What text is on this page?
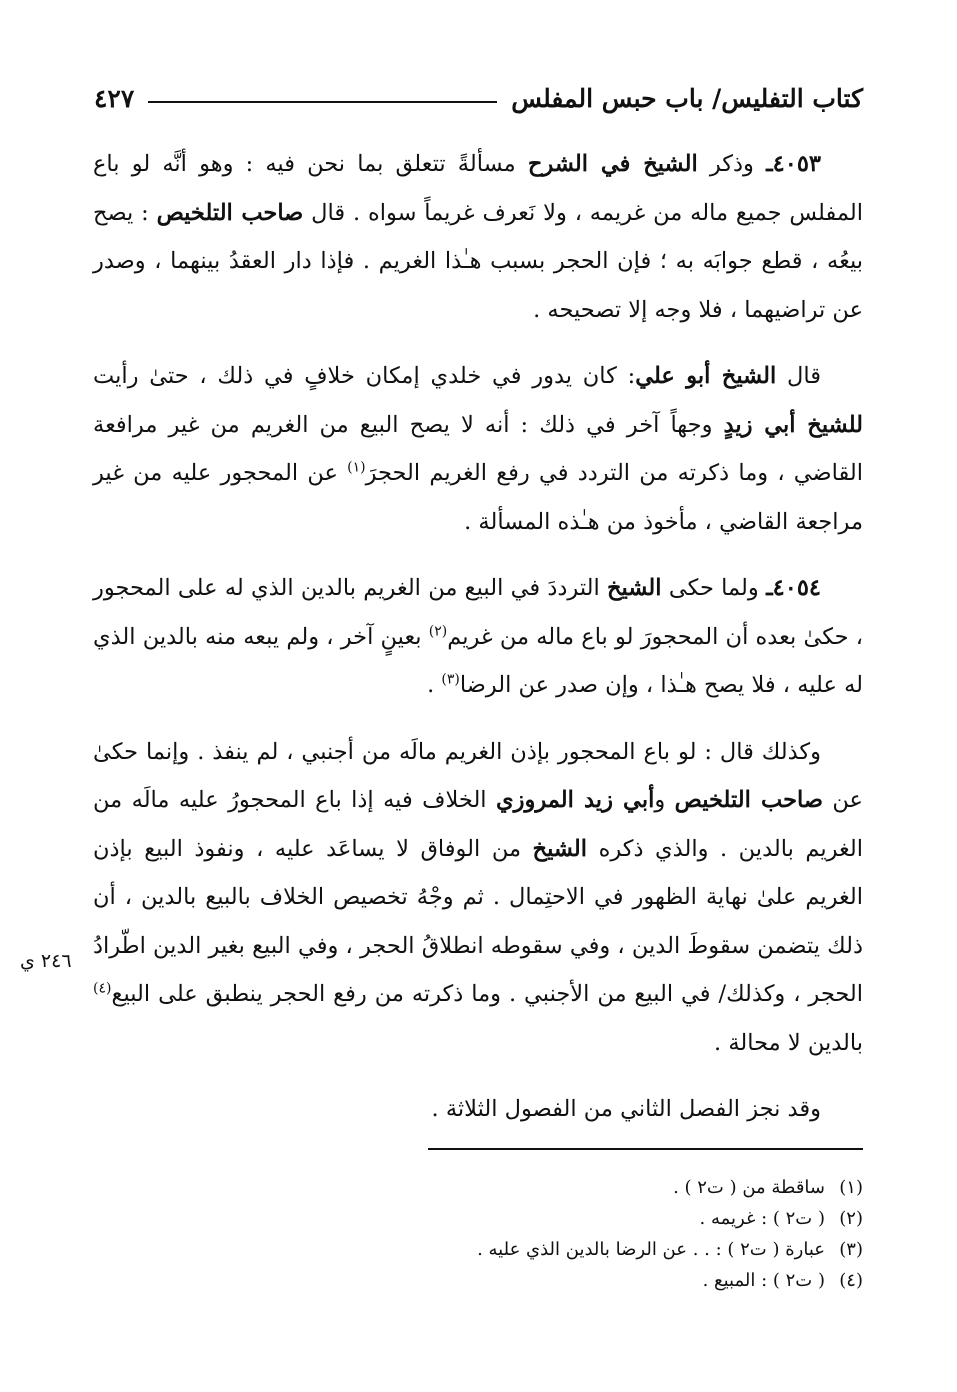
كتاب التفليس/ باب حبس المفلس
٤٢٧

٤٠٥٣ـ وذكر الشيخ في الشرح مسألةً تتعلق بما نحن فيه : وهو أنَّه لو باع المفلس جميع ماله من غريمه ، ولا نَعرف غريماً سواه . قال صاحب التلخيص : يصح بيعُه ، قطع جوابَه به ؛ فإن الحجر بسبب هـٰذا الغريم . فإذا دار العقدُ بينهما ، وصدر عن تراضيهما ، فلا وجه إلا تصحيحه .

قال الشيخ أبو علي: كان يدور في خلدي إمكان خلافٍ في ذلك ، حتىٰ رأيت للشيخ أبي زيدٍ وجهاً آخر في ذلك : أنه لا يصح البيع من الغريم من غير مرافعة القاضي ، وما ذكرته من التردد في رفع الغريم الحجرَ$^{(١)}$ عن المحجور عليه من غير مراجعة القاضي ، مأخوذ من هـٰذه المسألة .

٤٠٥٤ـ ولما حكى الشيخ الترددَ في البيع من الغريم بالدين الذي له على المحجور ، حكىٰ بعده أن المحجورَ لو باع ماله من غريم$^{(٢)}$ بعينٍ آخر ، ولم يبعه منه بالدين الذي له عليه ، فلا يصح هـٰذا ، وإن صدر عن الرضا$^{(٣)}$ .

وكذلك قال : لو باع المحجور بإذن الغريم مالَه من أجنبي ، لم ينفذ . وإنما حكىٰ عن صاحب التلخيص وأبي زيد المروزي الخلاف فيه إذا باع المحجورُ عليه مالَه من الغريم بالدين . والذي ذكره الشيخ من الوفاق لا يساعَد عليه ، ونفوذ البيع بإذن الغريم علىٰ نهاية الظهور في الاحتِمال . ثم وجْهُ تخصيص الخلاف بالبيع بالدين ، أن ذلك يتضمن سقوطَ الدين ، وفي سقوطه انطلاقُ الحجر ، وفي البيع بغير الدين اطّرادُ الحجر ، وكذلك/ في البيع من الأجنبي . وما ذكرته من رفع الحجر ينطبق على البيع$^{(٤)}$ بالدين لا محالة .

وقد نجز الفصل الثاني من الفصول الثلاثة .

٢٤٦ ي

(١)ساقطة من ( ت٢ ) .

(٢)( ت٢ ) : غريمه .

(٣)عبارة ( ت٢ ) : . . عن الرضا بالدين الذي عليه .

(٤)( ت٢ ) : المبيع .
